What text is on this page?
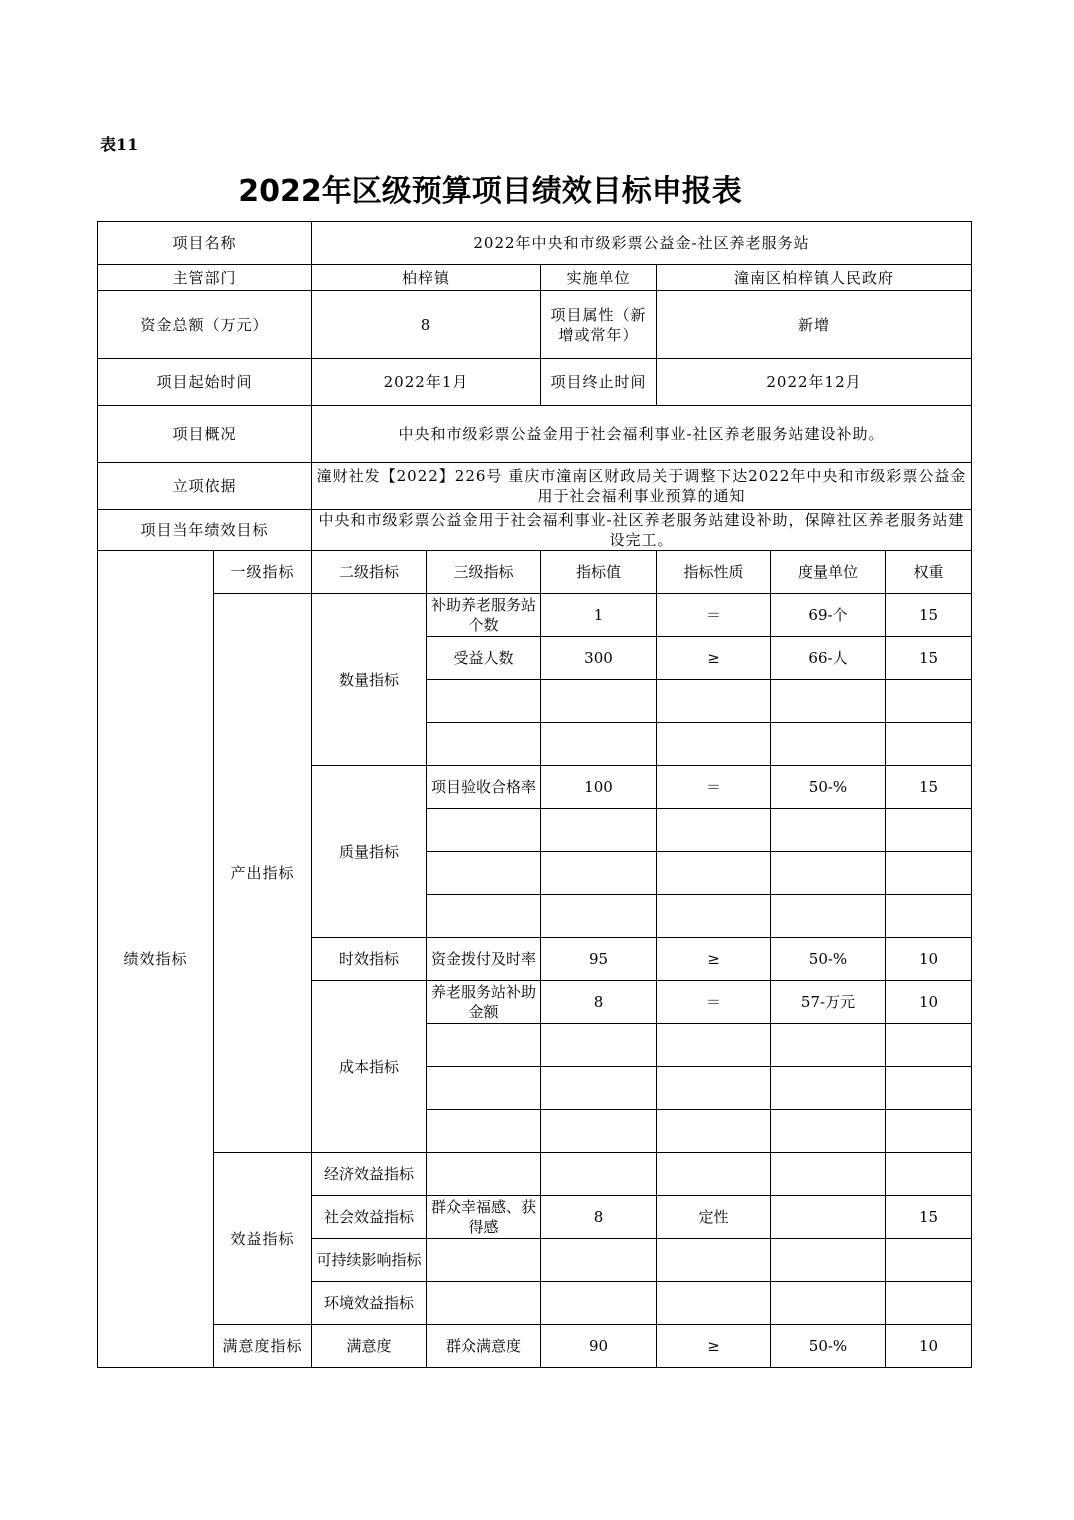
表11
2022年区级预算项目绩效目标申报表
项目名称		2022年中央和市级彩票公益金-社区养老服务站					
主管部门		柏梓镇		实施单位	潼南区柏梓镇人民政府		
资金总额（万元）		8		项目属性（新增或常年）	新增		
项目起始时间		2022年1月		项目终止时间	2022年12月		
项目概况		中央和市级彩票公益金用于社会福利事业-社区养老服务站建设补助。					
立项依据		潼财社发【2022】226号 重庆市潼南区财政局关于调整下达2022年中央和市级彩票公益金用于社会福利事业预算的通知					
项目当年绩效目标		中央和市级彩票公益金用于社会福利事业-社区养老服务站建设补助，保障社区养老服务站建设完工。					
绩效指标	一级指标	二级指标	三级指标	指标值	指标性质	度量单位	权重
	产出指标	数量指标	补助养老服务站个数	1	＝	69-个	15
			受益人数	300	≥	66-人	15

		质量指标	项目验收合格率	100	＝	50-%	15

		时效指标	资金拨付及时率	95	≥	50-%	10
		成本指标	养老服务站补助金额	8	＝	57-万元	10

	效益指标	经济效益指标					
		社会效益指标	群众幸福感、获得感	8	定性		15
		可持续影响指标					
		环境效益指标					
	满意度指标	满意度	群众满意度	90	≥	50-%	10
